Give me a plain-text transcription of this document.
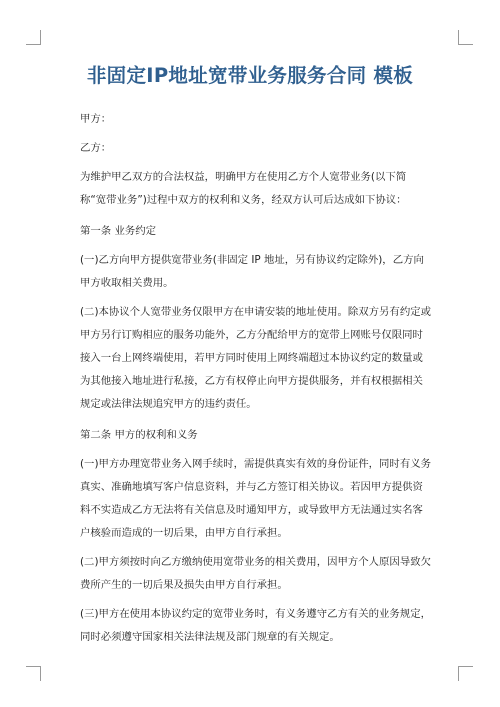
非固定IP地址宽带业务服务合同 模板

甲方：

乙方：

为维护甲乙双方的合法权益，明确甲方在使用乙方个人宽带业务(以下简称“宽带业务”)过程中双方的权利和义务，经双方认可后达成如下协议：

第一条 业务约定

(一)乙方向甲方提供宽带业务(非固定 IP 地址，另有协议约定除外)，乙方向甲方收取相关费用。

(二)本协议个人宽带业务仅限甲方在申请安装的地址使用。除双方另有约定或甲方另行订购相应的服务功能外，乙方分配给甲方的宽带上网账号仅限同时接入一台上网终端使用，若甲方同时使用上网终端超过本协议约定的数量或为其他接入地址进行私接，乙方有权停止向甲方提供服务，并有权根据相关规定或法律法规追究甲方的违约责任。

第二条 甲方的权利和义务

(一)甲方办理宽带业务入网手续时，需提供真实有效的身份证件，同时有义务真实、准确地填写客户信息资料，并与乙方签订相关协议。若因甲方提供资料不实造成乙方无法将有关信息及时通知甲方，或导致甲方无法通过实名客户核验而造成的一切后果，由甲方自行承担。

(二)甲方须按时向乙方缴纳使用宽带业务的相关费用，因甲方个人原因导致欠费所产生的一切后果及损失由甲方自行承担。

(三)甲方在使用本协议约定的宽带业务时，有义务遵守乙方有关的业务规定，同时必须遵守国家相关法律法规及部门规章的有关规定。
